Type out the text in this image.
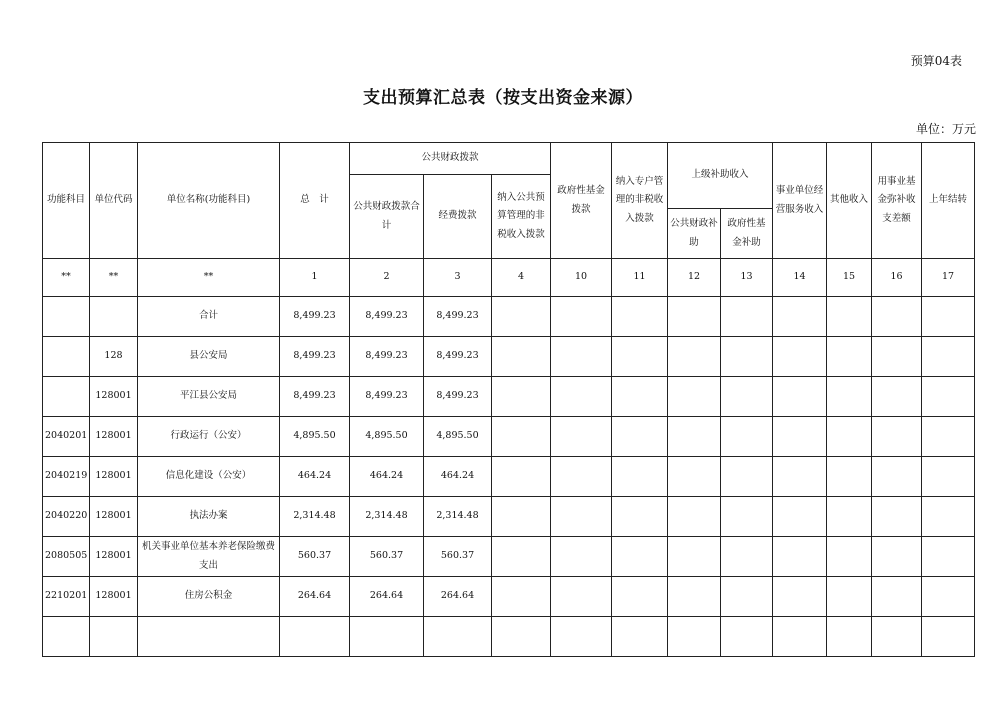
预算04表
支出预算汇总表（按支出资金来源）
单位：万元
功能科目	单位代码	单位名称(功能科目)	总　计	公共财政拨款			政府性基金拨款	纳入专户管理的非税收入拨款	上级补助收入		事业单位经营服务收入	其他收入	用事业基金弥补收支差额	上年结转
				公共财政拨款合计	经费拨款	纳入公共预算管理的非税收入拨款								
									公共财政补助	政府性基金补助				
**	**	**	1	2	3	4	10	11	12	13	14	15	16	17
		合计	8,499.23	8,499.23	8,499.23									
	128	县公安局	8,499.23	8,499.23	8,499.23									
	128001	平江县公安局	8,499.23	8,499.23	8,499.23									
2040201	128001	行政运行（公安）	4,895.50	4,895.50	4,895.50									
2040219	128001	信息化建设（公安）	464.24	464.24	464.24									
2040220	128001	执法办案	2,314.48	2,314.48	2,314.48									
2080505	128001	机关事业单位基本养老保险缴费支出	560.37	560.37	560.37									
2210201	128001	住房公积金	264.64	264.64	264.64									
